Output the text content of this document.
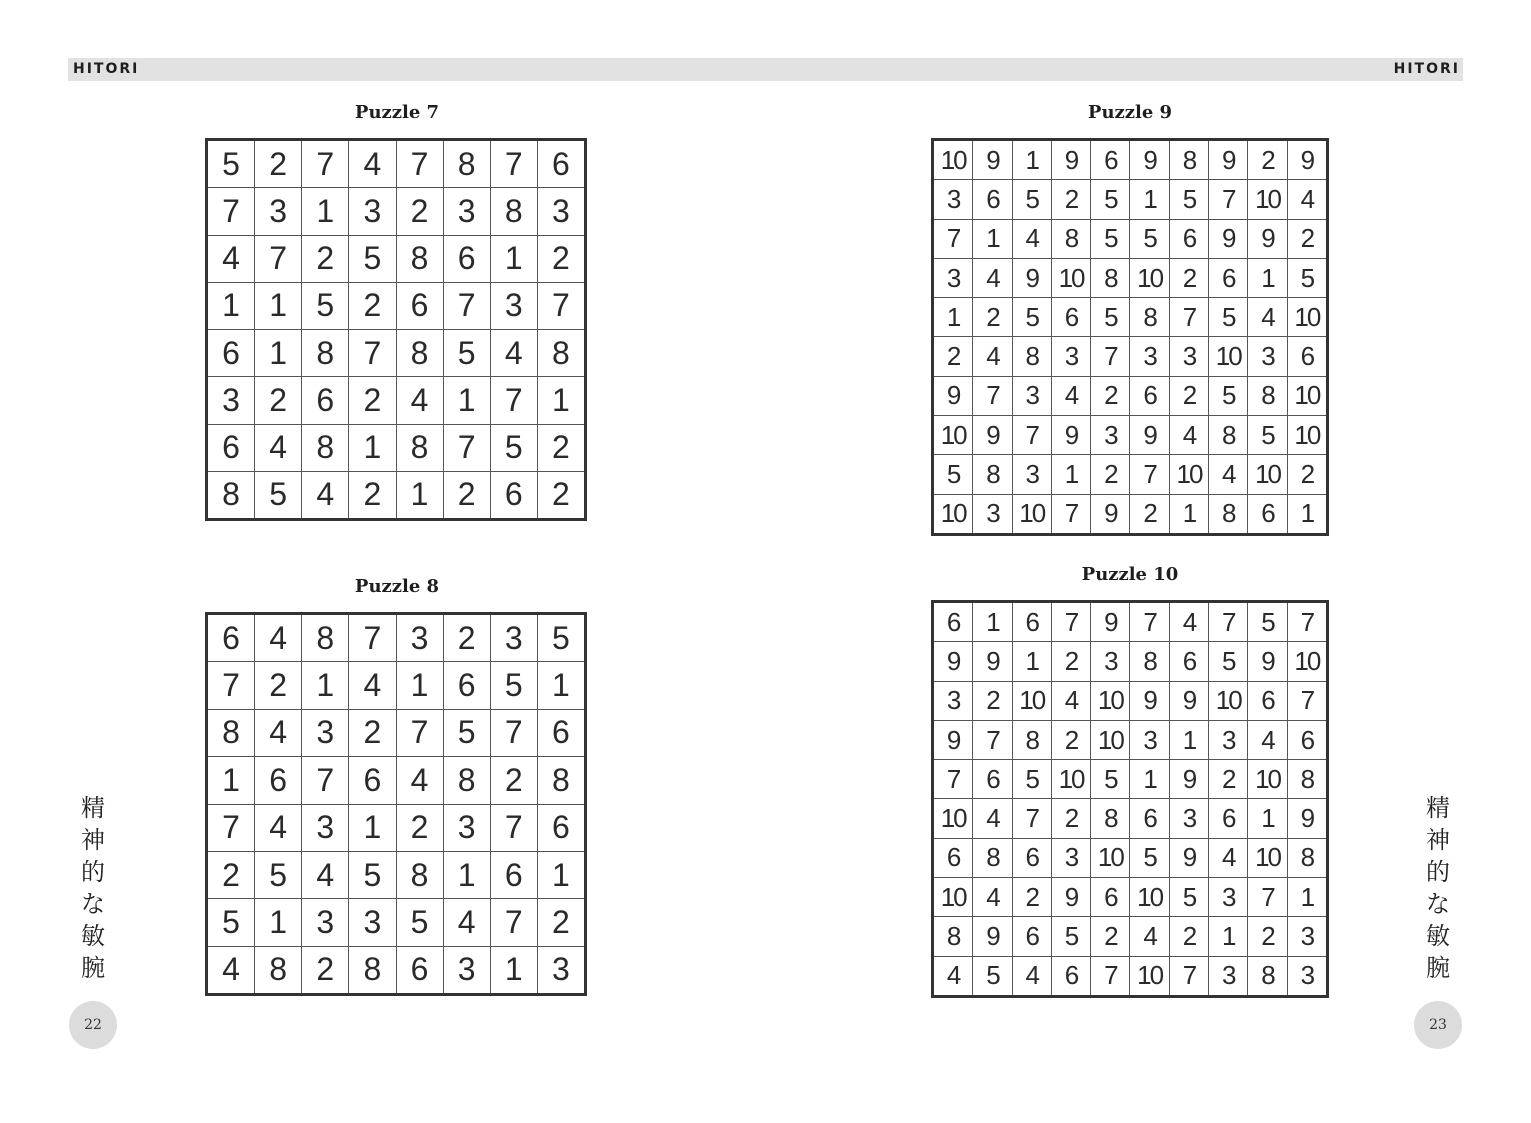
HITORI	HITORI
Puzzle 7
5 2 7 4 7 8 7 6
7 3 1 3 2 3 8 3
4 7 2 5 8 6 1 2
1 1 5 2 6 7 3 7
6 1 8 7 8 5 4 8
3 2 6 2 4 1 7 1
6 4 8 1 8 7 5 2
8 5 4 2 1 2 6 2
Puzzle 8
6 4 8 7 3 2 3 5
7 2 1 4 1 6 5 1
8 4 3 2 7 5 7 6
1 6 7 6 4 8 2 8
7 4 3 1 2 3 7 6
2 5 4 5 8 1 6 1
5 1 3 3 5 4 7 2
4 8 2 8 6 3 1 3
Puzzle 9
10 9	1	9	6	9	8	9	2	9
3	6	5	2	5	1	5	7 10 4
7	1	4	8	5	5	6	9	9	2
3	4	9 10 8 10 2	6	1	5
1	2	5	6	5	8	7	5	4 10
2	4	8	3	7	3	3 10 3	6
9	7	3	4	2	6	2	5	8 10
10 9	7	9	3	9	4	8	5 10
5	8	3	1	2	7 10 4 10 2
10 3 10 7	9	2	1	8	6	1
Puzzle 10
6	1	6	7	9	7	4	7	5	7
9	9	1	2	3	8	6	5	9 10
3	2 10 4 10 9	9 10 6	7
9	7	8	2 10 3	1	3	4	6
7	6	5 10 5	1	9	2 10 8
10 4	7	2	8	6	3	6	1	9
6	8	6	3 10 5	9	4 10 8
10 4	2	9	6 10 5	3	7	1
8	9	6	5	2	4	2	1	2	3
4	5	4	6	7 10 7	3	8	3
精
神
的
な
敏
腕
精
神
的
な
敏
腕
22	23
